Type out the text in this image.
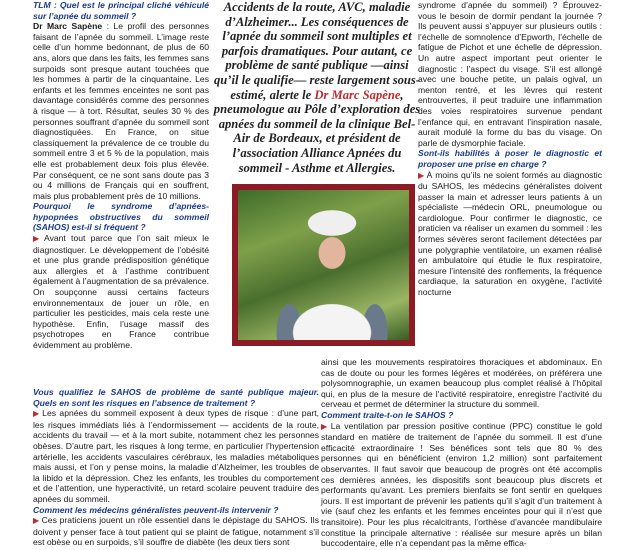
TLM : Quel est le principal cliché véhiculé sur l’apnée du sommeil ?

Dr Marc Sapène : Le profil des personnes faisant de l’apnée du sommeil. L’image reste celle d’un homme bedonnant, de plus de 60 ans, alors que dans les faits, les femmes sans surpoids sont presque autant touchées que les hommes à partir de la cinquantaine. Les enfants et les femmes enceintes ne sont pas davantage considérés comme des personnes à risque — à tort. Résultat, seules 30 % des personnes souffrant d’apnée du sommeil sont diagnostiquées. En France, on situe classiquement la prévalence de ce trouble du sommeil entre 3 et 5 % de la population, mais elle est probablement deux fois plus élevée. Par conséquent, ce ne sont sans doute pas 3 ou 4 millions de Français qui en souffrent, mais plus probablement près de 10 millions.

Pourquoi le syndrome d’apnées-hypopnées obstructives du sommeil (SAHOS) est-il si fréquent ?

▶ Avant tout parce que l’on sait mieux le diagnostiquer. Le développement de l’obésité et une plus grande prédisposition génétique aux allergies et à l’asthme contribuent également à l’augmentation de sa prévalence. On soupçonne aussi certains facteurs environnementaux de jouer un rôle, en particulier les pesticides, mais cela reste une hypothèse. Enfin, l’usage massif des psychotropes en France contribue évidemment au problème.

Accidents de la route, AVC, maladie d’Alzheimer... Les conséquences de l’apnée du sommeil sont multiples et parfois dramatiques. Pour autant, ce problème de santé publique —ainsi qu’il le qualifie— reste largement sous-estimé, alerte le Dr Marc Sapène, pneumologue au Pôle d’exploration des apnées du sommeil de la clinique Bel-Air de Bordeaux, et président de l’association Alliance Apnées du sommeil - Asthme et Allergies.

syndrome d’apnée du sommeil) ? Éprouvez-vous le besoin de dormir pendant la journée ? Ils peuvent aussi s’appuyer sur plusieurs outils : l’échelle de somnolence d’Epworth, l’échelle de fatigue de Pichot et une échelle de dépression. Un autre aspect important peut orienter le diagnostic : l’aspect du visage. S’il est allongé avec une bouche petite, un palais ogival, un menton rentré, et les lèvres qui restent entrouvertes, il peut traduire une inflammation des voies respiratoires survenue pendant l’enfance qui, en entravant l’inspiration nasale, aurait modulé la forme du bas du visage. On parle de dysmorphie faciale.

Sont-ils habilités à poser le diagnostic et proposer une prise en charge ?

▶ À moins qu’ils ne soient formés au diagnostic du SAHOS, les médecins généralistes doivent passer la main et adresser leurs patients à un spécialiste —médecin ORL, pneumologue ou cardiologue. Pour confirmer le diagnostic, ce praticien va réaliser un examen du sommeil : les formes sévères seront facilement détectées par une polygraphie ventilatoire, un examen réalisé en ambulatoire qui étudie le flux respiratoire, mesure l’intensité des ronflements, la fréquence cardiaque, la saturation en oxygène, l’activité nocturne

Vous qualifiez le SAHOS de problème de santé publique majeur. Quels en sont les risques en l’absence de traitement ?

▶ Les apnées du sommeil exposent à deux types de risque : d’une part, les risques immédiats liés à l’endormissement — accidents de la route, accidents du travail — et à la mort subite, notamment chez les personnes obèses. D’autre part, les risques à long terme, en particulier l’hypertension artérielle, les accidents vasculaires cérébraux, les maladies métaboliques mais aussi, et l’on y pense moins, la maladie d’Alzheimer, les troubles de la libido et la dépression. Chez les enfants, les troubles du comportement et de l’attention, une hyperactivité, un retard scolaire peuvent traduire des apnées du sommeil.

Comment les médecins généralistes peuvent-ils intervenir ?

▶ Ces praticiens jouent un rôle essentiel dans le dépistage du SAHOS. Ils doivent y penser face à tout patient qui se plaint de fatigue, notamment s’il est obèse ou en surpoids, s’il souffre de diabète (les deux tiers sont

ainsi que les mouvements respiratoires thoraciques et abdominaux. En cas de doute ou pour les formes légères et modérées, on préférera une polysomnographie, un examen beaucoup plus complet réalisé à l’hôpital qui, en plus de la mesure de l’activité respiratoire, enregistre l’activité du cerveau et permet de déterminer la structure du sommeil.

Comment traite-t-on le SAHOS ?

▶ La ventilation par pression positive continue (PPC) constitue le gold standard en matière de traitement de l’apnée du sommeil. Il est d’une efficacité extraordinaire ! Ses bénéfices sont tels que 80 % des personnes qui en bénéficient (environ 1,2 million) sont parfaitement observantes. Il faut savoir que beaucoup de progrès ont été accomplis ces dernières années, les dispositifs sont beaucoup plus discrets et performants qu’avant. Les premiers bienfaits se font sentir en quelques jours. Il est important de prévenir les patients qu’il s’agit d’un traitement à vie (sauf chez les enfants et les femmes enceintes pour qui il n’est que transitoire). Pour les plus récalcitrants, l’orthèse d’avancée mandibulaire constitue la principale alternative : réalisée sur mesure après un bilan buccodentaire, elle n’a cependant pas la même effica-
